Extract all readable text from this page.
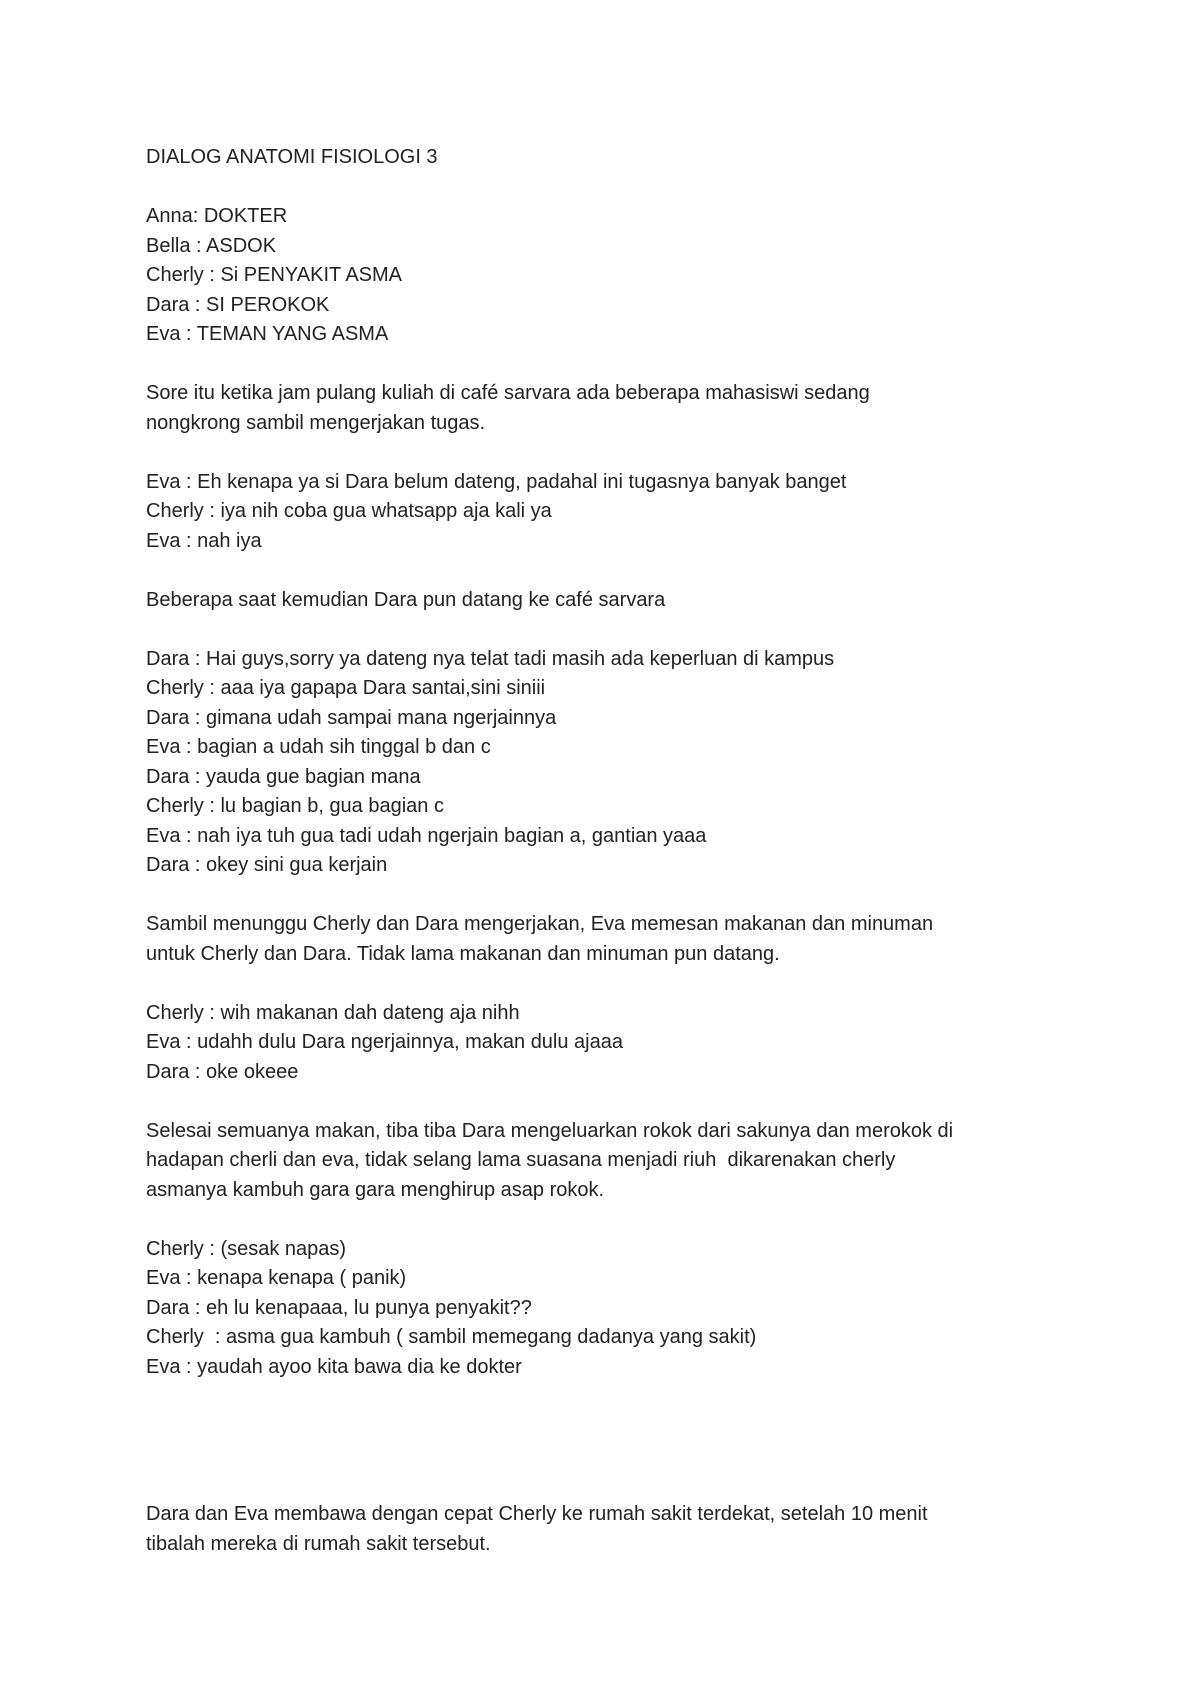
DIALOG ANATOMI FISIOLOGI 3
Anna: DOKTER
Bella : ASDOK
Cherly : Si PENYAKIT ASMA
Dara : SI PEROKOK
Eva : TEMAN YANG ASMA
Sore itu ketika jam pulang kuliah di café sarvara ada beberapa mahasiswi sedang
nongkrong sambil mengerjakan tugas.
Eva : Eh kenapa ya si Dara belum dateng, padahal ini tugasnya banyak banget
Cherly : iya nih coba gua whatsapp aja kali ya
Eva : nah iya
Beberapa saat kemudian Dara pun datang ke café sarvara
Dara : Hai guys,sorry ya dateng nya telat tadi masih ada keperluan di kampus
Cherly : aaa iya gapapa Dara santai,sini siniii
Dara : gimana udah sampai mana ngerjainnya
Eva : bagian a udah sih tinggal b dan c
Dara : yauda gue bagian mana
Cherly : lu bagian b, gua bagian c
Eva : nah iya tuh gua tadi udah ngerjain bagian a, gantian yaaa
Dara : okey sini gua kerjain
Sambil menunggu Cherly dan Dara mengerjakan, Eva memesan makanan dan minuman
untuk Cherly dan Dara. Tidak lama makanan dan minuman pun datang.
Cherly : wih makanan dah dateng aja nihh
Eva : udahh dulu Dara ngerjainnya, makan dulu ajaaa
Dara : oke okeee
Selesai semuanya makan, tiba tiba Dara mengeluarkan rokok dari sakunya dan merokok di
hadapan cherli dan eva, tidak selang lama suasana menjadi riuh  dikarenakan cherly
asmanya kambuh gara gara menghirup asap rokok.
Cherly : (sesak napas)
Eva : kenapa kenapa ( panik)
Dara : eh lu kenapaaa, lu punya penyakit??
Cherly  : asma gua kambuh ( sambil memegang dadanya yang sakit)
Eva : yaudah ayoo kita bawa dia ke dokter
Dara dan Eva membawa dengan cepat Cherly ke rumah sakit terdekat, setelah 10 menit
tibalah mereka di rumah sakit tersebut.
